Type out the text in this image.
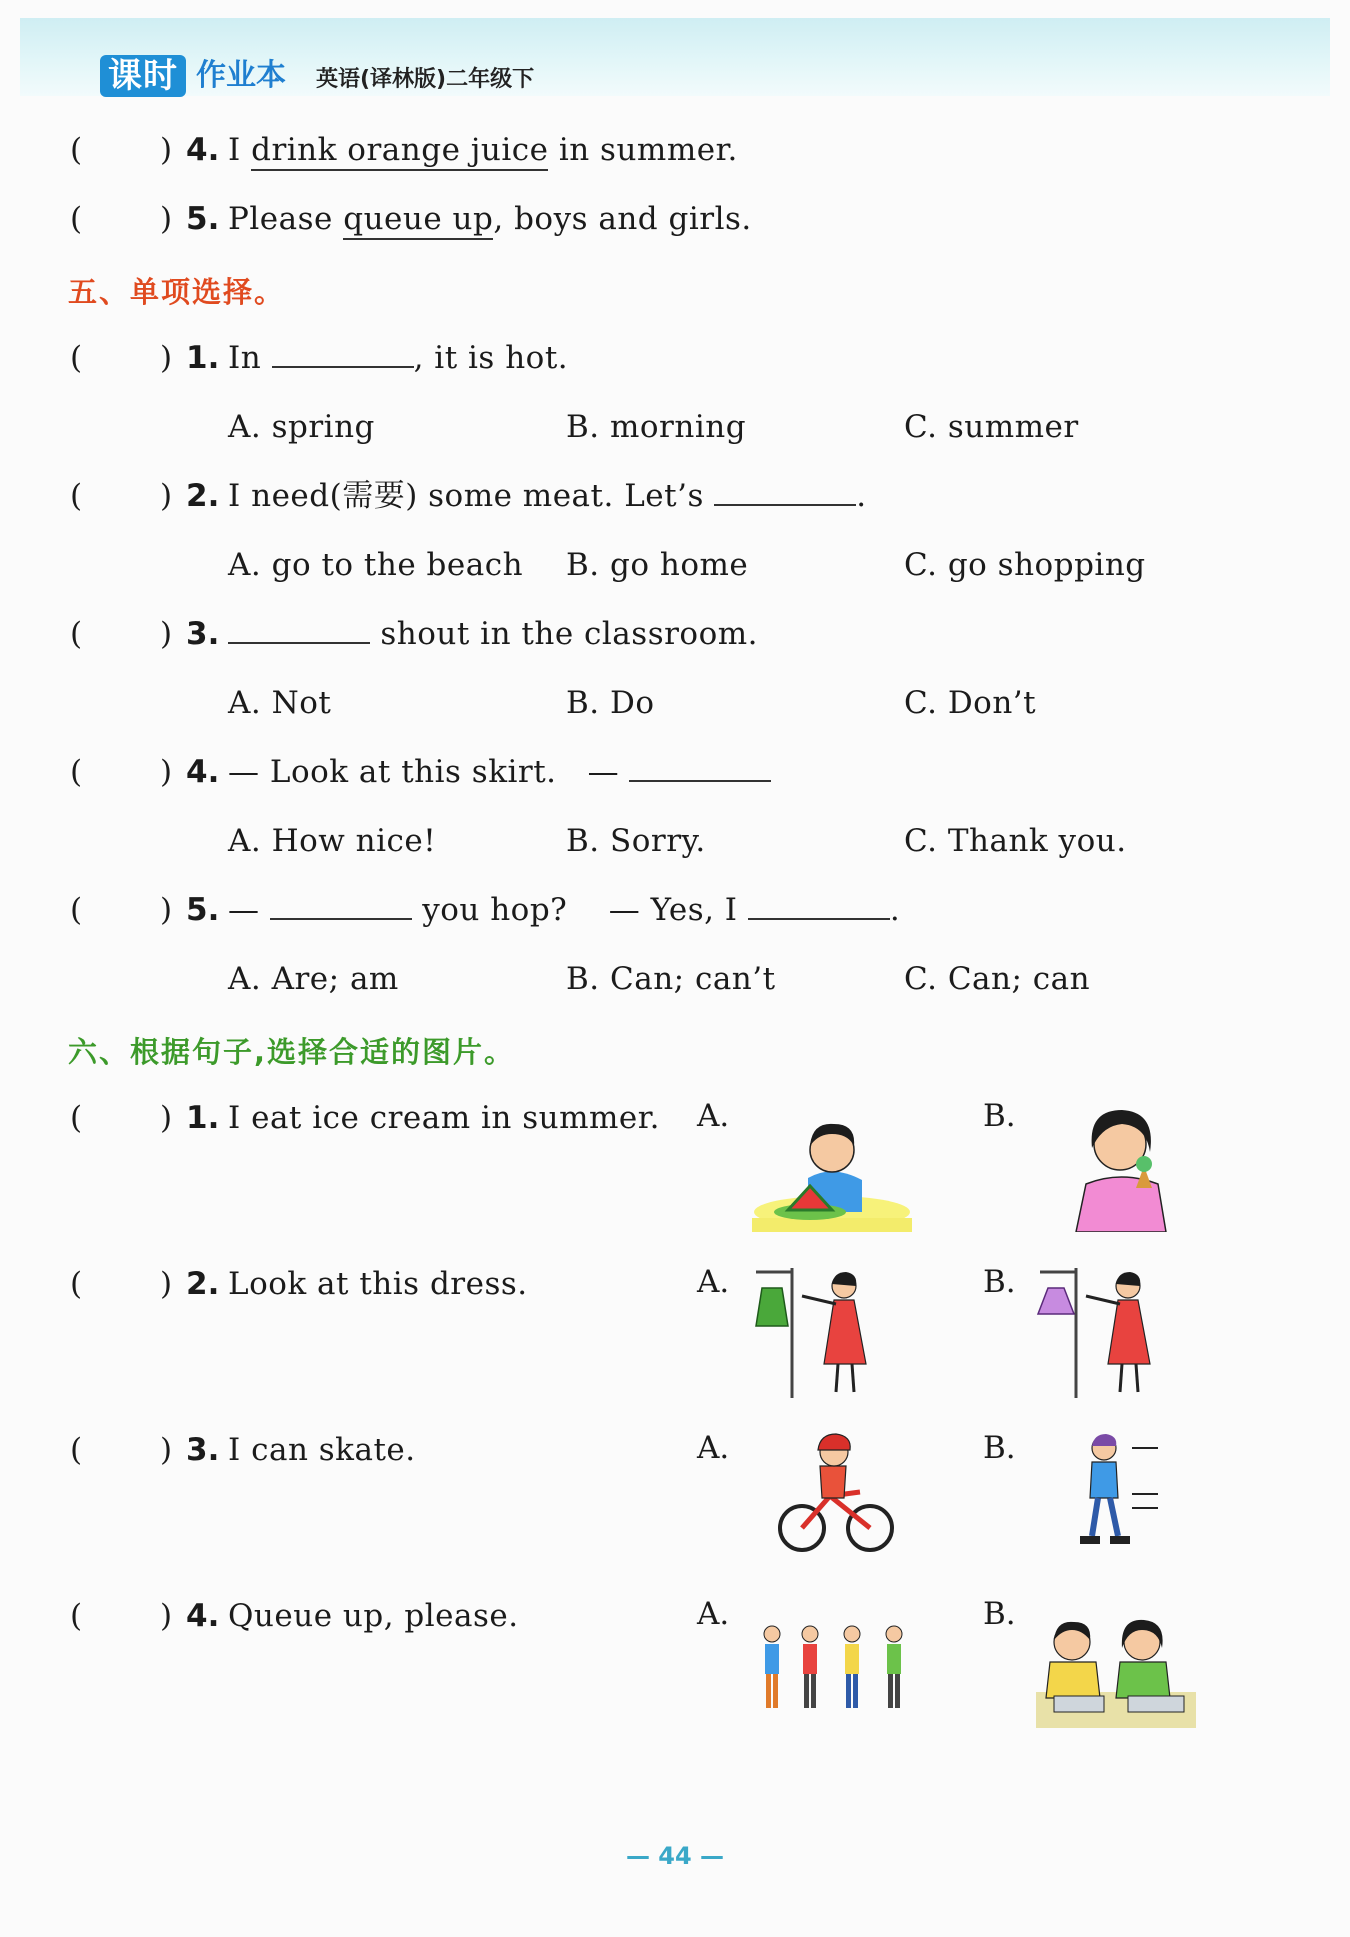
课时 作业本 英语(译林版)二年级下
(	) 4. I drink orange juice in summer.
(	) 5. Please queue up, boys and girls.
五、单项选择。
(	) 1. In	, it is hot.
A. spring	B. morning	C. summer
(	) 2. I need(需要) some meat. Let’s	.
A. go to the beach B. go home	C. go shopping
(	) 3.	shout in the classroom.
A. Not	B. Do	C. Don’t
(	) 4. — Look at this skirt.   —
A. How nice!	B. Sorry.	C. Thank you.
(	) 5. —	you hop?    — Yes, I	.
A. Are; am	B. Can; can’t	C. Can; can
六、根据句子,选择合适的图片。
(	) 1. I eat ice cream in summer. A.	B.
(	) 2. Look at this dress.	A.	B.
(	) 3. I can skate.	A.	B.
(	) 4. Queue up, please.	A.	B.
— 44 —
